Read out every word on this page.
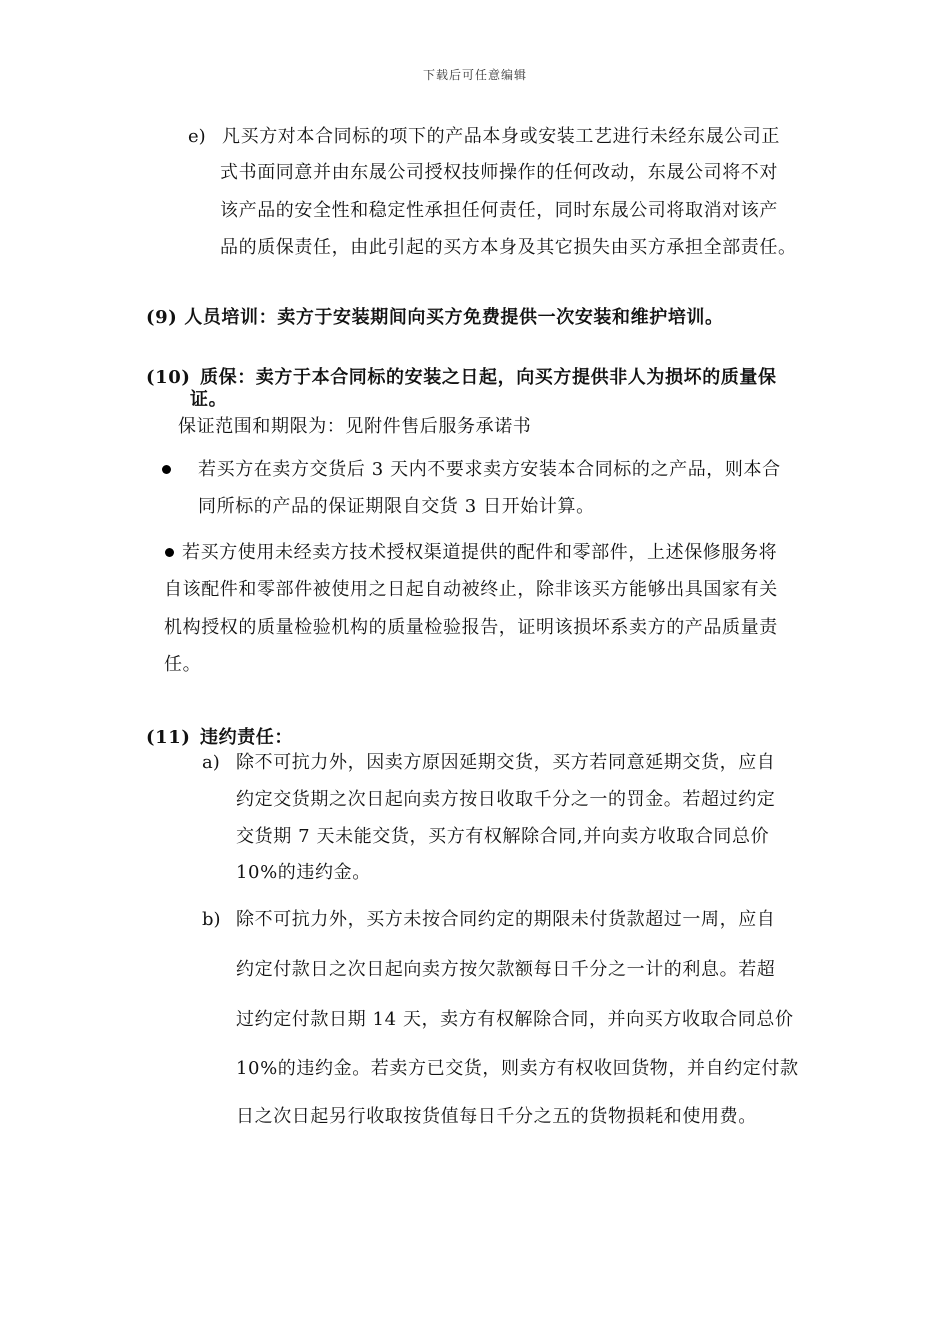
下载后可任意编辑
e) 凡买方对本合同标的项下的产品本身或安装工艺进行未经东晟公司正
式书面同意并由东晟公司授权技师操作的任何改动，东晟公司将不对
该产品的安全性和稳定性承担任何责任，同时东晟公司将取消对该产
品的质保责任，由此引起的买方本身及其它损失由买方承担全部责任。
(9) 人员培训：卖方于安装期间向买方免费提供一次安装和维护培训。
(10) 质保：卖方于本合同标的安装之日起，向买方提供非人为损坏的质量保
证。
保证范围和期限为：见附件售后服务承诺书
若买方在卖方交货后 3 天内不要求卖方安装本合同标的之产品，则本合
同所标的产品的保证期限自交货 3 日开始计算。
若买方使用未经卖方技术授权渠道提供的配件和零部件，上述保修服务将
自该配件和零部件被使用之日起自动被终止，除非该买方能够出具国家有关
机构授权的质量检验机构的质量检验报告，证明该损坏系卖方的产品质量责
任。
(11) 违约责任：
a) 除不可抗力外，因卖方原因延期交货，买方若同意延期交货，应自
约定交货期之次日起向卖方按日收取千分之一的罚金。若超过约定
交货期 7 天未能交货，买方有权解除合同,并向卖方收取合同总价
10%的违约金。
b) 除不可抗力外，买方未按合同约定的期限未付货款超过一周，应自
约定付款日之次日起向卖方按欠款额每日千分之一计的利息。若超
过约定付款日期 14 天，卖方有权解除合同，并向买方收取合同总价
10%的违约金。若卖方已交货，则卖方有权收回货物，并自约定付款
日之次日起另行收取按货值每日千分之五的货物损耗和使用费。
